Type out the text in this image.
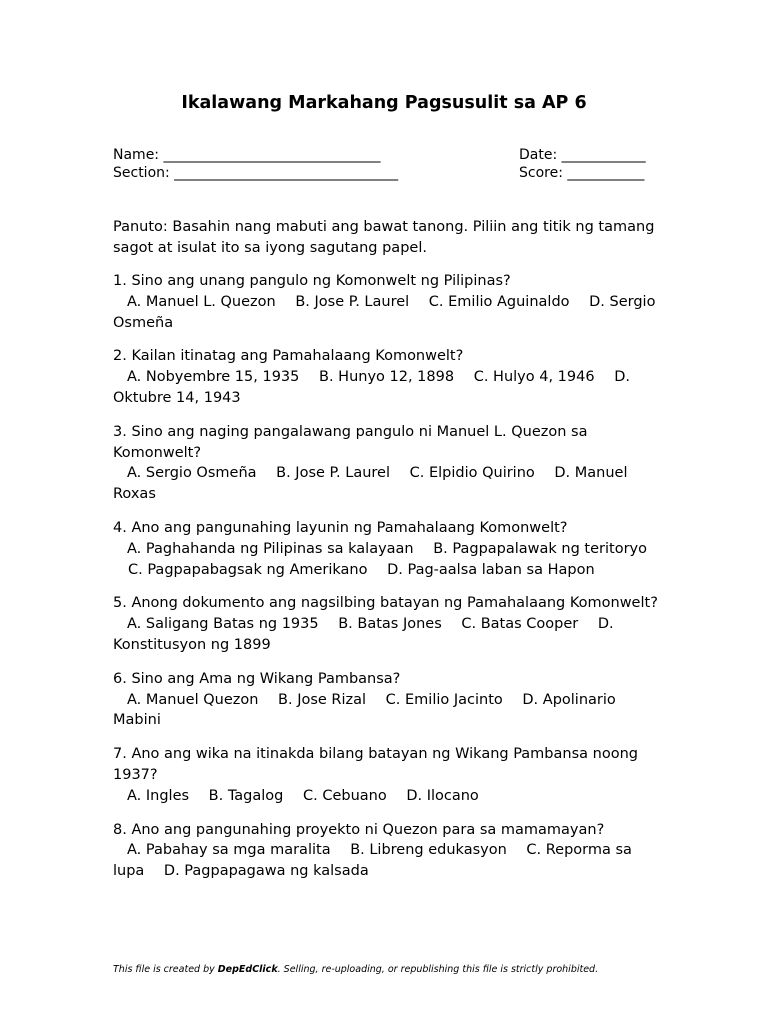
Ikalawang Markahang Pagsusulit sa AP 6
Name: _______________________________
Section: ________________________________
Date: ____________
Score: ___________
Panuto: Basahin nang mabuti ang bawat tanong. Piliin ang titik ng tamang sagot at isulat ito sa iyong sagutang papel.
1. Sino ang unang pangulo ng Komonwelt ng Pilipinas?
A. Manuel L. Quezon B. Jose P. Laurel C. Emilio Aguinaldo D. Sergio Osmeña
2. Kailan itinatag ang Pamahalaang Komonwelt?
A. Nobyembre 15, 1935 B. Hunyo 12, 1898 C. Hulyo 4, 1946 D. Oktubre 14, 1943
3. Sino ang naging pangalawang pangulo ni Manuel L. Quezon sa Komonwelt?
A. Sergio Osmeña B. Jose P. Laurel C. Elpidio Quirino D. Manuel Roxas
4. Ano ang pangunahing layunin ng Pamahalaang Komonwelt?
A. Paghahanda ng Pilipinas sa kalayaan B. Pagpapalawak ng teritoryo C. Pagpapabagsak ng Amerikano D. Pag-aalsa laban sa Hapon
5. Anong dokumento ang nagsilbing batayan ng Pamahalaang Komonwelt?
A. Saligang Batas ng 1935 B. Batas Jones C. Batas Cooper D. Konstitusyon ng 1899
6. Sino ang Ama ng Wikang Pambansa?
A. Manuel Quezon B. Jose Rizal C. Emilio Jacinto D. Apolinario Mabini
7. Ano ang wika na itinakda bilang batayan ng Wikang Pambansa noong 1937?
A. Ingles B. Tagalog C. Cebuano D. Ilocano
8. Ano ang pangunahing proyekto ni Quezon para sa mamamayan?
A. Pabahay sa mga maralita B. Libreng edukasyon C. Reporma sa lupa D. Pagpapagawa ng kalsada
This file is created by DepEdClick. Selling, re-uploading, or republishing this file is strictly prohibited.
